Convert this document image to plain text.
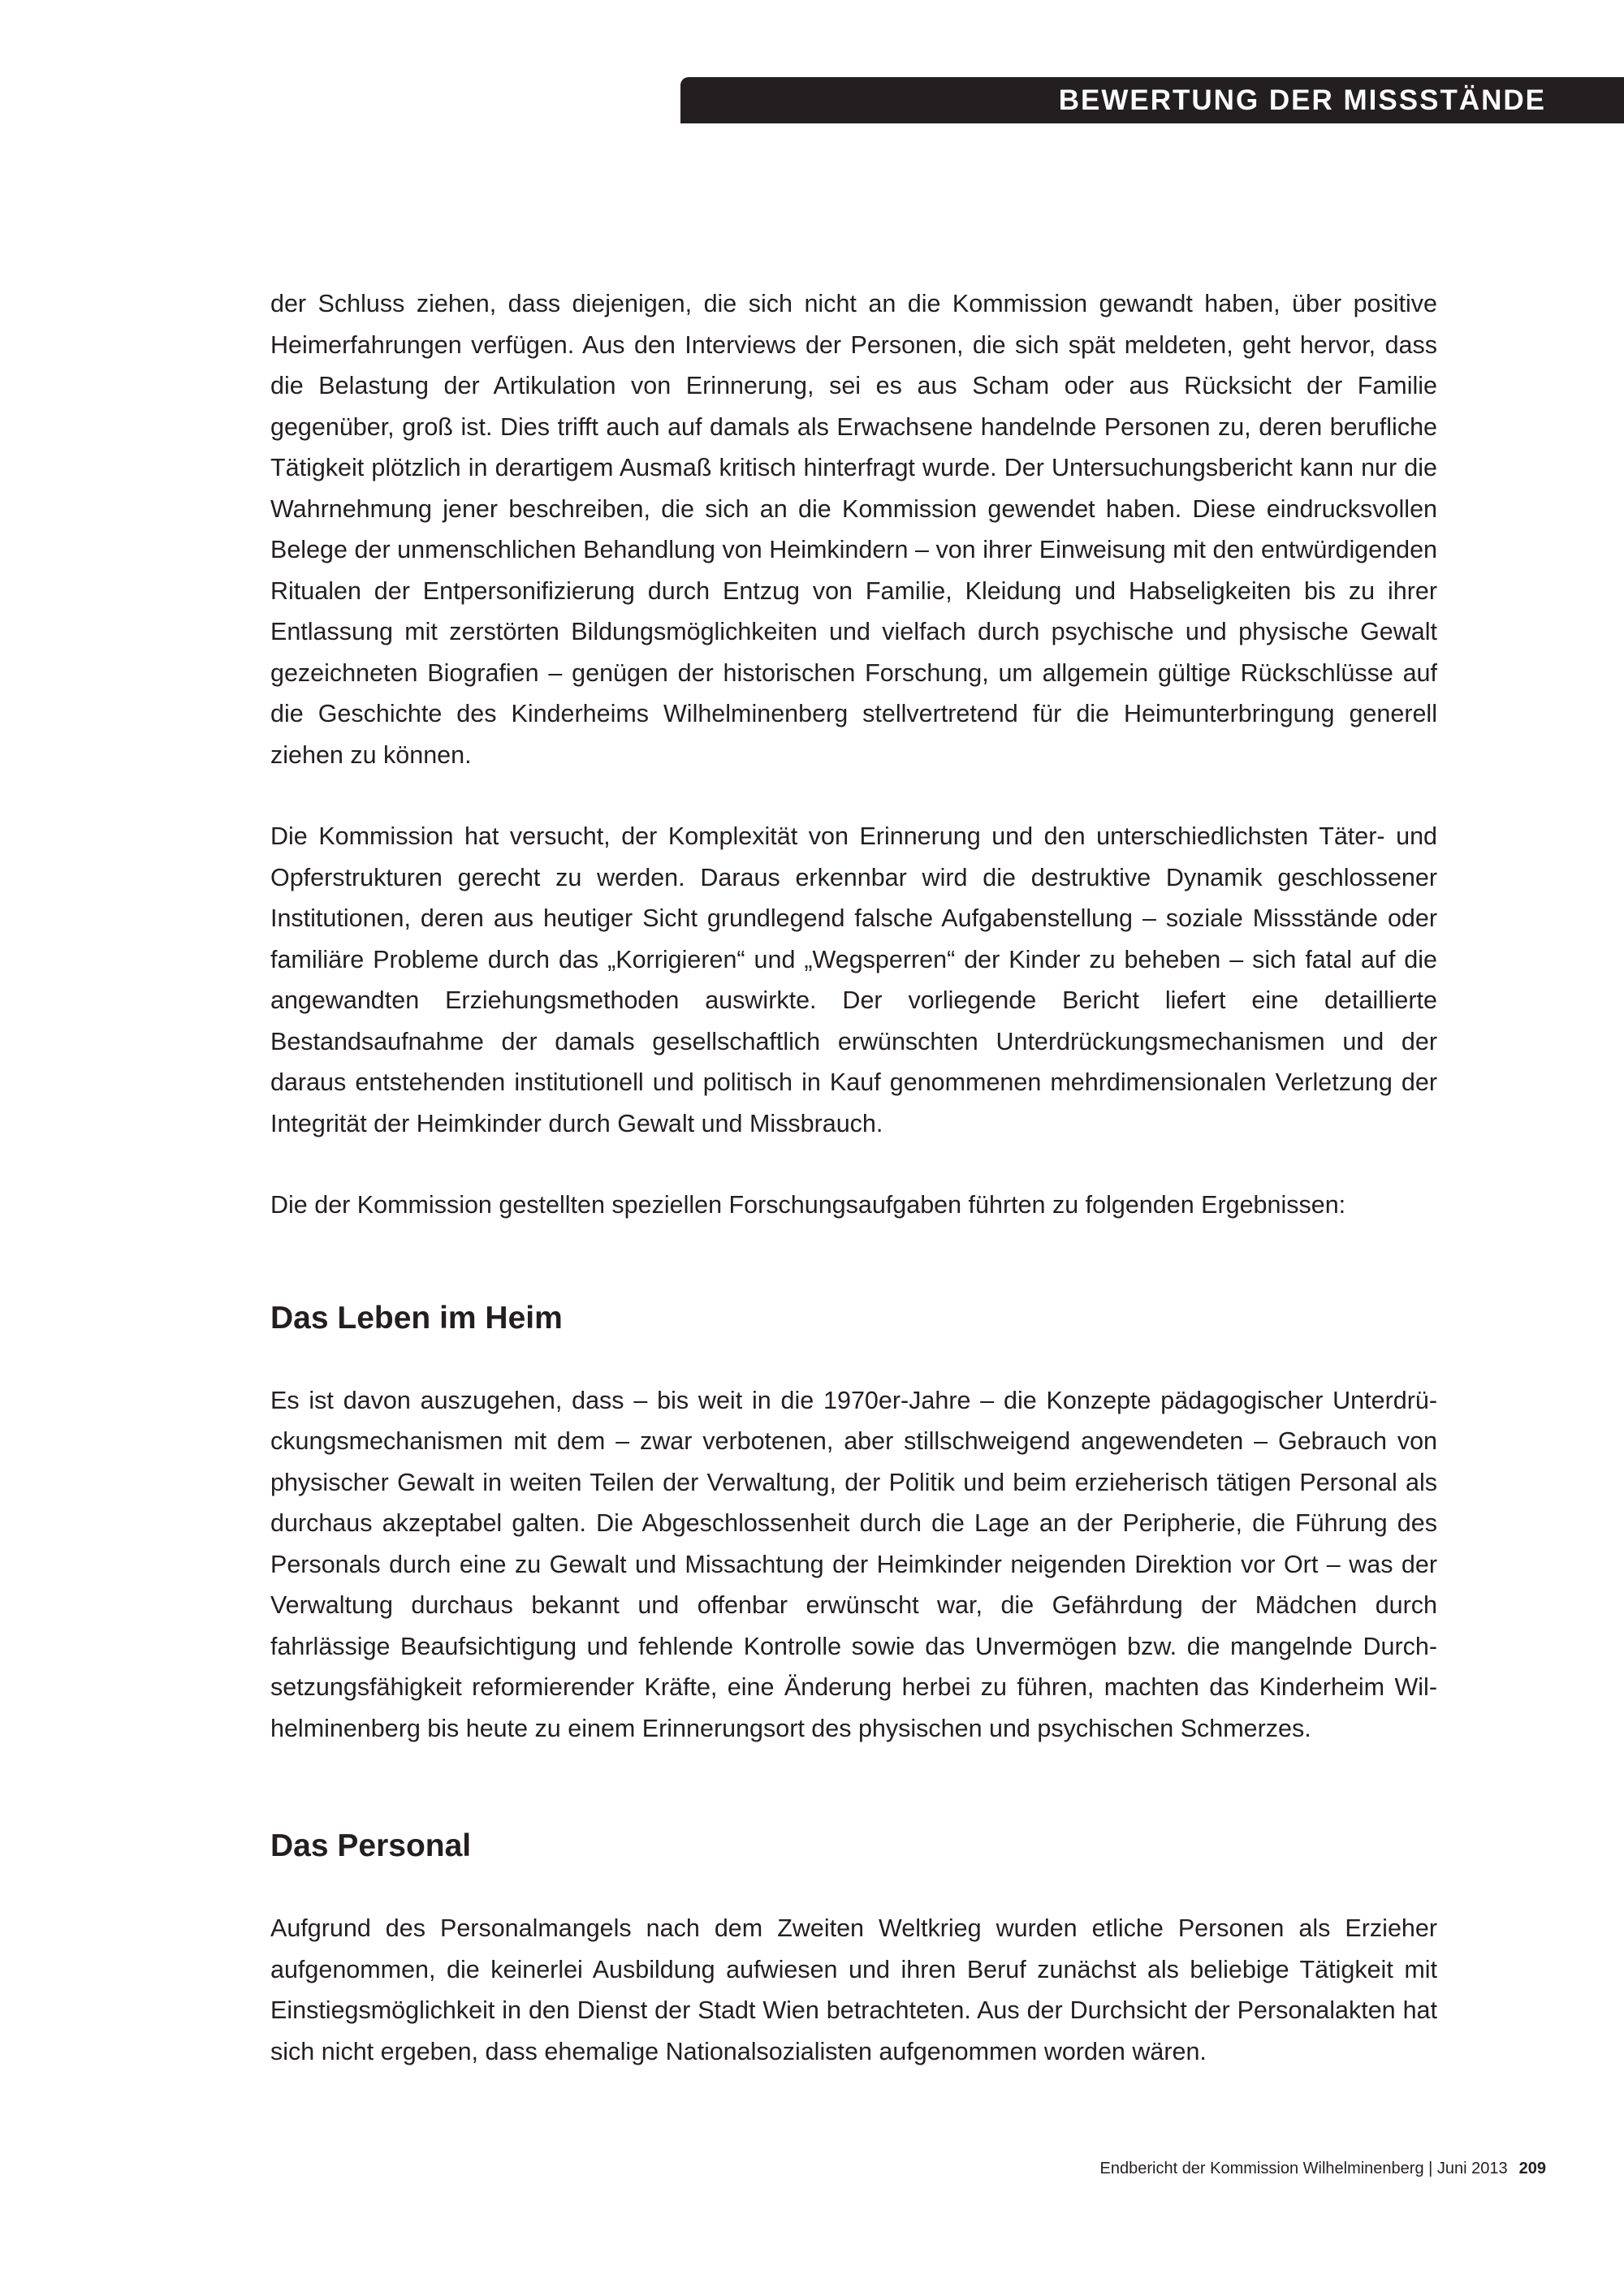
BEWERTUNG DER MISSSTÄNDE

der Schluss ziehen, dass diejenigen, die sich nicht an die Kommission gewandt haben, über positive Heimerfahrungen verfügen. Aus den Interviews der Personen, die sich spät meldeten, geht hervor, dass die Belastung der Artikulation von Erinnerung, sei es aus Scham oder aus Rücksicht der Familie gegenüber, groß ist. Dies trifft auch auf damals als Erwachsene handelnde Personen zu, deren berufliche Tätigkeit plötzlich in derartigem Ausmaß kritisch hinterfragt wurde. Der Untersuchungsbericht kann nur die Wahrnehmung jener beschreiben, die sich an die Kommission gewendet haben. Diese eindrucksvollen Belege der unmenschlichen Behandlung von Heimkindern – von ihrer Einweisung mit den entwürdigenden Ritualen der Entpersonifizierung durch Entzug von Familie, Kleidung und Habseligkeiten bis zu ihrer Entlassung mit zerstörten Bildungsmöglichkeiten und vielfach durch psychische und physische Gewalt gezeichneten Biografien – genügen der historischen Forschung, um allgemein gültige Rückschlüsse auf die Geschichte des Kinderheims Wilhelminenberg stellvertretend für die Heimunterbringung generell ziehen zu können.

Die Kommission hat versucht, der Komplexität von Erinnerung und den unterschiedlichsten Täter- und Opferstrukturen gerecht zu werden. Daraus erkennbar wird die destruktive Dynamik geschlossener Institutionen, deren aus heutiger Sicht grundlegend falsche Aufgabenstellung – soziale Missstände oder familiäre Probleme durch das „Korrigieren“ und „Wegsperren“ der Kinder zu beheben – sich fatal auf die angewandten Erziehungsmethoden auswirkte. Der vorliegende Bericht liefert eine detaillierte Bestandsaufnahme der damals gesellschaftlich erwünschten Unterdrückungsmechanismen und der daraus entstehenden institutionell und politisch in Kauf genommenen mehrdimensionalen Verletzung der Integrität der Heimkinder durch Gewalt und Missbrauch.

Die der Kommission gestellten speziellen Forschungsaufgaben führten zu folgenden Ergebnissen:

Das Leben im Heim

Es ist davon auszugehen, dass – bis weit in die 1970er-Jahre – die Konzepte pädagogischer Unterdrückungsmechanismen mit dem – zwar verbotenen, aber stillschweigend angewendeten – Gebrauch von physischer Gewalt in weiten Teilen der Verwaltung, der Politik und beim erzieherisch tätigen Personal als durchaus akzeptabel galten. Die Abgeschlossenheit durch die Lage an der Peripherie, die Führung des Personals durch eine zu Gewalt und Missachtung der Heimkinder neigenden Direktion vor Ort – was der Verwaltung durchaus bekannt und offenbar erwünscht war, die Gefährdung der Mädchen durch fahrlässige Beaufsichtigung und fehlende Kontrolle sowie das Unvermögen bzw. die mangelnde Durchsetzungsfähigkeit reformierender Kräfte, eine Änderung herbei zu führen, machten das Kinderheim Wilhelminenberg bis heute zu einem Erinnerungsort des physischen und psychischen Schmerzes.

Das Personal

Aufgrund des Personalmangels nach dem Zweiten Weltkrieg wurden etliche Personen als Erzieher aufgenommen, die keinerlei Ausbildung aufwiesen und ihren Beruf zunächst als beliebige Tätigkeit mit Einstiegsmöglichkeit in den Dienst der Stadt Wien betrachteten. Aus der Durchsicht der Personalakten hat sich nicht ergeben, dass ehemalige Nationalsozialisten aufgenommen worden wären.

Endbericht der Kommission Wilhelminenberg | Juni 2013 209
